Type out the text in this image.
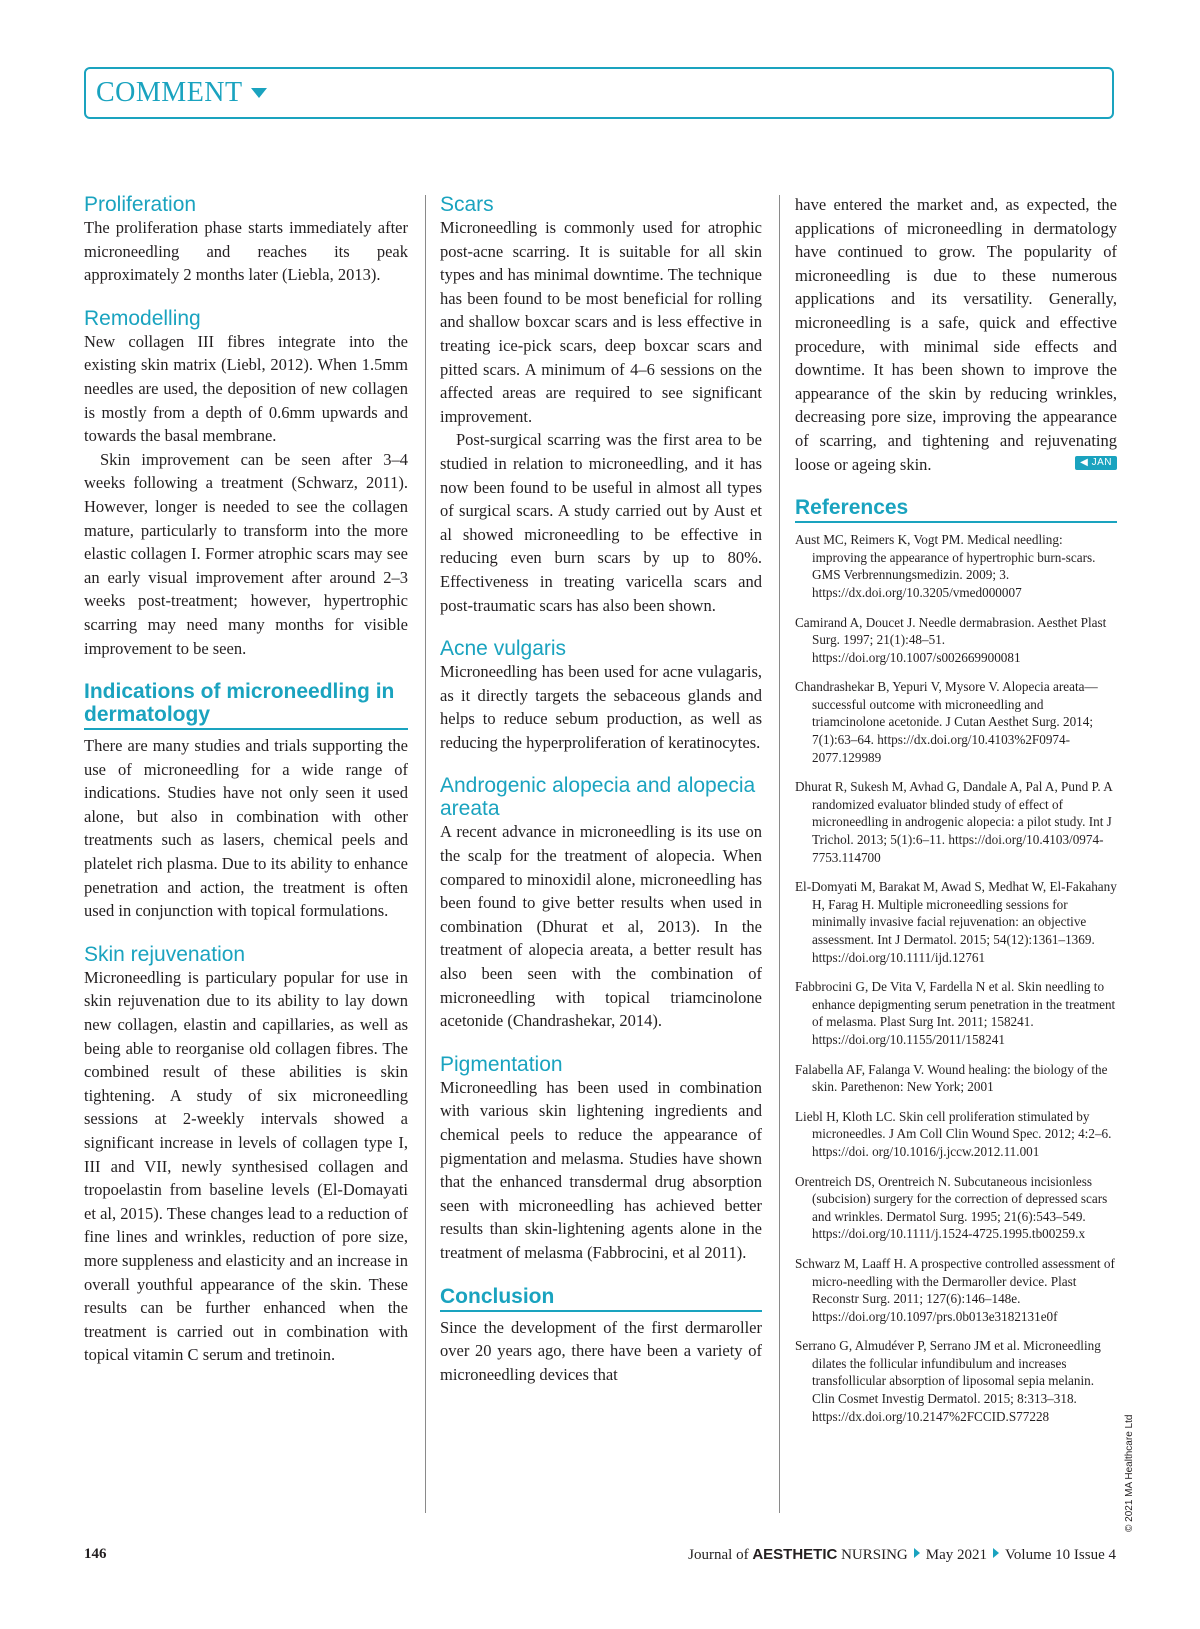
COMMENT
Proliferation

The proliferation phase starts immediately after microneedling and reaches its peak approximately 2 months later (Liebla, 2013).

Remodelling

New collagen III fibres integrate into the existing skin matrix (Liebl, 2012). When 1.5mm needles are used, the deposition of new collagen is mostly from a depth of 0.6mm upwards and towards the basal membrane.

Skin improvement can be seen after 3–4 weeks following a treatment (Schwarz, 2011). However, longer is needed to see the collagen mature, particularly to transform into the more elastic collagen I. Former atrophic scars may see an early visual improvement after around 2–3 weeks post-treatment; however, hypertrophic scarring may need many months for visible improvement to be seen.

Indications of microneedling in dermatology

There are many studies and trials supporting the use of microneedling for a wide range of indications. Studies have not only seen it used alone, but also in combination with other treatments such as lasers, chemical peels and platelet rich plasma. Due to its ability to enhance penetration and action, the treatment is often used in conjunction with topical formulations.

Skin rejuvenation

Microneedling is particulary popular for use in skin rejuvenation due to its ability to lay down new collagen, elastin and capillaries, as well as being able to reorganise old collagen fibres. The combined result of these abilities is skin tightening. A study of six microneedling sessions at 2-weekly intervals showed a significant increase in levels of collagen type I, III and VII, newly synthesised collagen and tropoelastin from baseline levels (El-Domayati et al, 2015). These changes lead to a reduction of fine lines and wrinkles, reduction of pore size, more suppleness and elasticity and an increase in overall youthful appearance of the skin. These results can be further enhanced when the treatment is carried out in combination with topical vitamin C serum and tretinoin.

Scars

Microneedling is commonly used for atrophic post-acne scarring. It is suitable for all skin types and has minimal downtime. The technique has been found to be most beneficial for rolling and shallow boxcar scars and is less effective in treating ice-pick scars, deep boxcar scars and pitted scars. A minimum of 4–6 sessions on the affected areas are required to see significant improvement.

Post-surgical scarring was the first area to be studied in relation to microneedling, and it has now been found to be useful in almost all types of surgical scars. A study carried out by Aust et al showed microneedling to be effective in reducing even burn scars by up to 80%. Effectiveness in treating varicella scars and post-traumatic scars has also been shown.

Acne vulgaris

Microneedling has been used for acne vulagaris, as it directly targets the sebaceous glands and helps to reduce sebum production, as well as reducing the hyperproliferation of keratinocytes.

Androgenic alopecia and alopecia areata

A recent advance in microneedling is its use on the scalp for the treatment of alopecia. When compared to minoxidil alone, microneedling has been found to give better results when used in combination (Dhurat et al, 2013). In the treatment of alopecia areata, a better result has also been seen with the combination of microneedling with topical triamcinolone acetonide (Chandrashekar, 2014).

Pigmentation

Microneedling has been used in combination with various skin lightening ingredients and chemical peels to reduce the appearance of pigmentation and melasma. Studies have shown that the enhanced transdermal drug absorption seen with microneedling has achieved better results than skin-lightening agents alone in the treatment of melasma (Fabbrocini, et al 2011).

Conclusion

Since the development of the first dermaroller over 20 years ago, there have been a variety of microneedling devices that

have entered the market and, as expected, the applications of microneedling in dermatology have continued to grow. The popularity of microneedling is due to these numerous applications and its versatility. Generally, microneedling is a safe, quick and effective procedure, with minimal side effects and downtime. It has been shown to improve the appearance of the skin by reducing wrinkles, decreasing pore size, improving the appearance of scarring, and tightening and rejuvenating loose or ageing skin.	◀ JAN

References

Aust MC, Reimers K, Vogt PM. Medical needling: improving the appearance of hypertrophic burn-scars. GMS Verbrennungsmedizin. 2009; 3. https://dx.doi.org/10.3205/vmed000007

Camirand A, Doucet J. Needle dermabrasion. Aesthet Plast Surg. 1997; 21(1):48–51. https://doi.org/10.1007/s002669900081

Chandrashekar B, Yepuri V, Mysore V. Alopecia areata—successful outcome with microneedling and triamcinolone acetonide. J Cutan Aesthet Surg. 2014; 7(1):63–64. https://dx.doi.org/10.4103%2F0974-2077.129989

Dhurat R, Sukesh M, Avhad G, Dandale A, Pal A, Pund P. A randomized evaluator blinded study of effect of microneedling in androgenic alopecia: a pilot study. Int J Trichol. 2013; 5(1):6–11. https://doi.org/10.4103/0974-7753.114700

El-Domyati M, Barakat M, Awad S, Medhat W, El-Fakahany H, Farag H. Multiple microneedling sessions for minimally invasive facial rejuvenation: an objective assessment. Int J Dermatol. 2015; 54(12):1361–1369. https://doi.org/10.1111/ijd.12761

Fabbrocini G, De Vita V, Fardella N et al. Skin needling to enhance depigmenting serum penetration in the treatment of melasma. Plast Surg Int. 2011; 158241. https://doi.org/10.1155/2011/158241

Falabella AF, Falanga V. Wound healing: the biology of the skin. Parethenon: New York; 2001

Liebl H, Kloth LC. Skin cell proliferation stimulated by microneedles. J Am Coll Clin Wound Spec. 2012; 4:2–6. https://doi. org/10.1016/j.jccw.2012.11.001

Orentreich DS, Orentreich N. Subcutaneous incisionless (subcision) surgery for the correction of depressed scars and wrinkles. Dermatol Surg. 1995; 21(6):543–549. https://doi.org/10.1111/j.1524-4725.1995.tb00259.x

Schwarz M, Laaff H. A prospective controlled assessment of micro-needling with the Dermaroller device. Plast Reconstr Surg. 2011; 127(6):146–148e. https://doi.org/10.1097/prs.0b013e3182131e0f

Serrano G, Almudéver P, Serrano JM et al. Microneedling dilates the follicular infundibulum and increases transfollicular absorption of liposomal sepia melanin. Clin Cosmet Investig Dermatol. 2015; 8:313–318. https://dx.doi.org/10.2147%2FCCID.S77228	© 2021 MA Healthcare Ltd
146	Journal of AESTHETIC NURSING May 2021 Volume 10 Issue 4
